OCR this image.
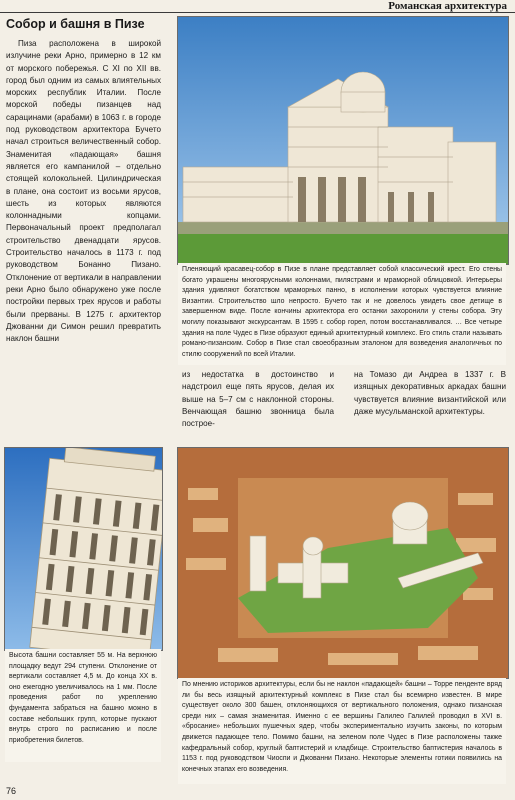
Романская архитектура
Собор и башня в Пизе

Пиза расположена в широкой излучине реки Арно, примерно в 12 км от морского побережья. С XI по XII вв. город был одним из самых влиятельных морских республик Италии. После морской победы пизанцев над сарацинами (арабами) в 1063 г. в городе под руководством архитектора Бучето начал строиться величественный собор. Знаменитая «падающая» башня является его кампанилой – отдельно стоящей колокольней. Цилиндрическая в плане, она состоит из восьми ярусов, шесть из которых являются колоннадными копцами. Первоначальный проект предполагал строительство двенадцати ярусов. Строительство началось в 1173 г. под руководством Бонанно Пизано. Отклонение от вертикали в направлении реки Арно было обнаружено уже после постройки первых трех ярусов и работы были прерваны. В 1275 г. архитектор Джованни ди Симон решил превратить наклон башни

Пленяющий красавец-собор в Пизе в плане представляет собой классический крест. Его стены богато украшены многоярусными колоннами, пилястрами и мраморной облицовкой. Интерьеры здания удивляют богатством мраморных панно, в исполнении которых чувствуется влияние Византии. Строительство шло непросто. Бучето так и не довелось увидеть свое детище в завершенном виде. После кончины архитектора его останки захоронили у стены собора. Эту могилу показывают экскурсантам. В 1595 г. собор горел, потом восстанавливался. … Все четыре здания на поле Чудес в Пизе образуют единый архитектурный комплекс. Его стиль стали называть романо-пизанским. Собор в Пизе стал своеобразным эталоном для возведения аналогичных по стилю сооружений по всей Италии.

из недостатка в достоинство и надстроил еще пять ярусов, делая их выше на 5–7 см с наклонной стороны. Венчающая башню звонница была построе-

на Томазо ди Андреа в 1337 г. В изящных декоративных аркадах башни чувствуется влияние византийской или даже мусульманской архитектуры.

Высота башни составляет 55 м. На верхнюю площадку ведут 294 ступени. Отклонение от вертикали составляет 4,5 м. До конца XX в. оно ежегодно увеличивалось на 1 мм. После проведения работ по укреплению фундамента забраться на башню можно в составе небольших групп, которые пускают внутрь строго по расписанию и после приобретения билетов.
По мнению историков архитектуры, если бы не наклон «падающей» башни – Торре пенденте вряд ли бы весь изящный архитектурный комплекс в Пизе стал бы всемирно известен. В мире существует около 300 башен, отклоняющихся от вертикального положения, однако пизанская среди них – самая знаменитая. Именно с ее вершины Галилео Галилей проводил в XVI в. «бросание» небольших пушечных ядер, чтобы экспериментально изучить законы, по которым движется падающее тело. Помимо башни, на зеленом поле Чудес в Пизе расположены также кафедральный собор, круглый баптистерий и кладбище. Строительство баптистерия началось в 1153 г. под руководством Чиоспи и Джованни Пизано. Некоторые элементы готики появились на конечных этапах его возведения.
76
